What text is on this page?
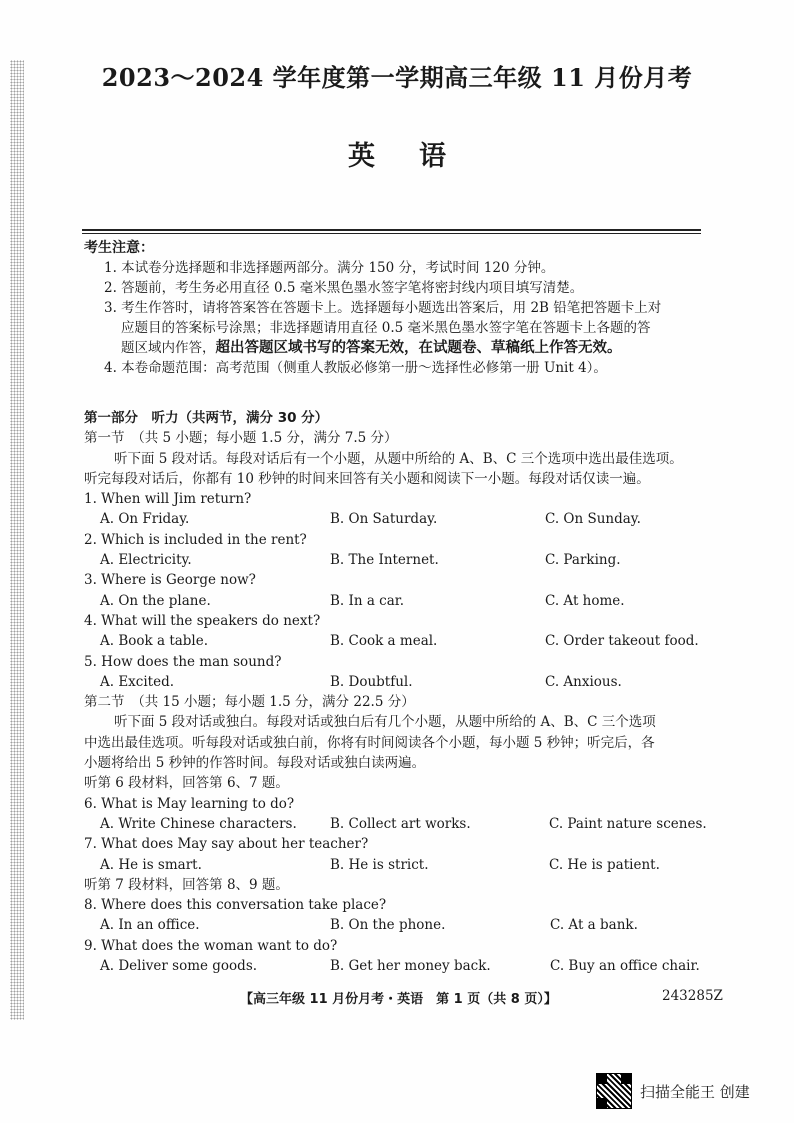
2023～2024 学年度第一学期高三年级 11 月份月考
英 语
考生注意：
1. 本试卷分选择题和非选择题两部分。满分 150 分，考试时间 120 分钟。
2. 答题前，考生务必用直径 0.5 毫米黑色墨水签字笔将密封线内项目填写清楚。
3. 考生作答时，请将答案答在答题卡上。选择题每小题选出答案后，用 2B 铅笔把答题卡上对
应题目的答案标号涂黑；非选择题请用直径 0.5 毫米黑色墨水签字笔在答题卡上各题的答
题区域内作答，超出答题区域书写的答案无效，在试题卷、草稿纸上作答无效。
4. 本卷命题范围：高考范围（侧重人教版必修第一册～选择性必修第一册 Unit 4）。
第一部分　听力（共两节，满分 30 分）
第一节　（共 5 小题；每小题 1.5 分，满分 7.5 分）
听下面 5 段对话。每段对话后有一个小题，从题中所给的 A、B、C 三个选项中选出最佳选项。
听完每段对话后，你都有 10 秒钟的时间来回答有关小题和阅读下一小题。每段对话仅读一遍。
1. When will Jim return?
A. On Friday.	B. On Saturday.	C. On Sunday.
2. Which is included in the rent?
A. Electricity.	B. The Internet.	C. Parking.
3. Where is George now?
A. On the plane.	B. In a car.	C. At home.
4. What will the speakers do next?
A. Book a table.	B. Cook a meal.	C. Order takeout food.
5. How does the man sound?
A. Excited.	B. Doubtful.	C. Anxious.
第二节　（共 15 小题；每小题 1.5 分，满分 22.5 分）
听下面 5 段对话或独白。每段对话或独白后有几个小题，从题中所给的 A、B、C 三个选项
中选出最佳选项。听每段对话或独白前，你将有时间阅读各个小题，每小题 5 秒钟；听完后，各
小题将给出 5 秒钟的作答时间。每段对话或独白读两遍。
听第 6 段材料，回答第 6、7 题。
6. What is May learning to do?
A. Write Chinese characters. B. Collect art works.	C. Paint nature scenes.
7. What does May say about her teacher?
A. He is smart.	B. He is strict.	C. He is patient.
听第 7 段材料，回答第 8、9 题。
8. Where does this conversation take place?
A. In an office.	B. On the phone.	C. At a bank.
9. What does the woman want to do?
A. Deliver some goods.	B. Get her money back.	C. Buy an office chair.
【高三年级 11 月份月考・英语　第 1 页（共 8 页）】	243285Z
扫描全能王 创建
